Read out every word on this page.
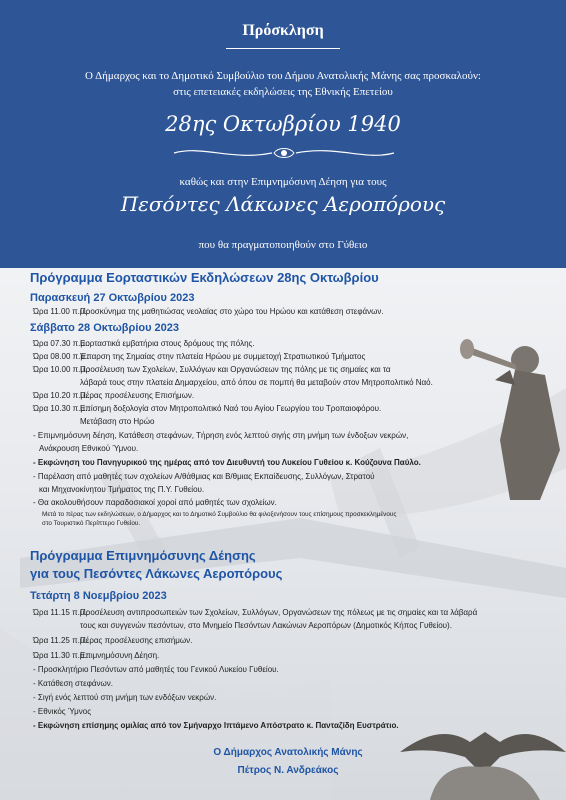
Πρόσκληση
Ο Δήμαρχος και το Δημοτικό Συμβούλιο του Δήμου Ανατολικής Μάνης σας προσκαλούν:
στις επετειακές εκδηλώσεις της Εθνικής Επετείου
28ης Οκτωβρίου 1940
καθώς και στην Επιμνημόσυνη Δέηση για τους
Πεσόντες Λάκωνες Αεροπόρους
που θα πραγματοποιηθούν στο Γύθειο
Πρόγραμμα Εορταστικών Εκδηλώσεων 28ης Οκτωβρίου
Παρασκευή 27 Οκτωβρίου 2023
Ώρα 11.00 π.μ.:Προσκύνημα της μαθητιώσας νεολαίας στο χώρο του Ηρώου και κατάθεση στεφάνων.
Σάββατο 28 Οκτωβρίου 2023
Ώρα 07.30 π.μ.:Εορταστικά εμβατήρια στους δρόμους της πόλης.
Ώρα 08.00 π.μ.:Έπαρση της Σημαίας στην πλατεία Ηρώου με συμμετοχή Στρατιωτικού Τμήματος
Ώρα 10.00 π.μ.:Προσέλευση των Σχολείων, Συλλόγων και Οργανώσεων της πόλης με τις σημαίες και τα
λάβαρά τους στην πλατεία Δημαρχείου, από όπου σε πομπή θα μεταβούν στον Μητροπολιτικό Ναό.
Ώρα 10.20 π.μ.:Πέρας προσέλευσης Επισήμων.
Ώρα 10.30 π.μ.:Επίσημη δοξολογία στον Μητροπολιτικό Ναό του Αγίου Γεωργίου του Τροπαιοφόρου.
Μετάβαση στο Ηρώο
- Επιμνημόσυνη δέηση, Κατάθεση στεφάνων, Τήρηση ενός λεπτού σιγής στη μνήμη των ένδοξων νεκρών,
Ανάκρουση Εθνικού Ύμνου.
- Εκφώνηση του Πανηγυρικού της ημέρας από τον Διευθυντή του Λυκείου Γυθείου κ. Κούζουνα Παύλο.
- Παρέλαση από μαθητές των σχολείων Α/θάθμιας και Β/θμιας Εκπαίδευσης, Συλλόγων, Στρατού
και Μηχανοκίνητου Τμήματος της Π.Υ. Γυθείου.
- Θα ακολουθήσουν παραδοσιακοί χοροί από μαθητές των σχολείων.
Μετά το πέρας των εκδηλώσεων, ο Δήμαρχος και το Δημοτικό Συμβούλιο θα φιλοξενήσουν τους επίσημους προσκεκλημένους
στο Τουριστικό Περίπτερο Γυθείου.
Πρόγραμμα Επιμνημόσυνης Δέησης
για τους Πεσόντες Λάκωνες Αεροπόρους
Τετάρτη 8 Νοεμβρίου 2023
Ώρα 11.15 π.μ.:Προσέλευση αντιπροσωπειών των Σχολείων, Συλλόγων, Οργανώσεων της πόλεως με τις σημαίες και τα λάβαρά
τους και συγγενών πεσόντων, στο Μνημείο Πεσόντων Λακώνων Αεροπόρων (Δημοτικός Κήπος Γυθείου).
Ώρα 11.25 π.μ.:Πέρας προσέλευσης επισήμων.
Ώρα 11.30 π.μ.:Επιμνημόσυνη Δέηση.
- Προσκλητήριο Πεσόντων από μαθητές του Γενικού Λυκείου Γυθείου.
- Κατάθεση στεφάνων.
- Σιγή ενός λεπτού στη μνήμη των ενδόξων νεκρών.
- Εθνικός Ύμνος
- Εκφώνηση επίσημης ομιλίας από τον Σμήναρχο Ιπτάμενο Απόστρατο κ. Πανταζίδη Ευστράτιο.
Ο Δήμαρχος Ανατολικής Μάνης
Πέτρος Ν. Ανδρεάκος
